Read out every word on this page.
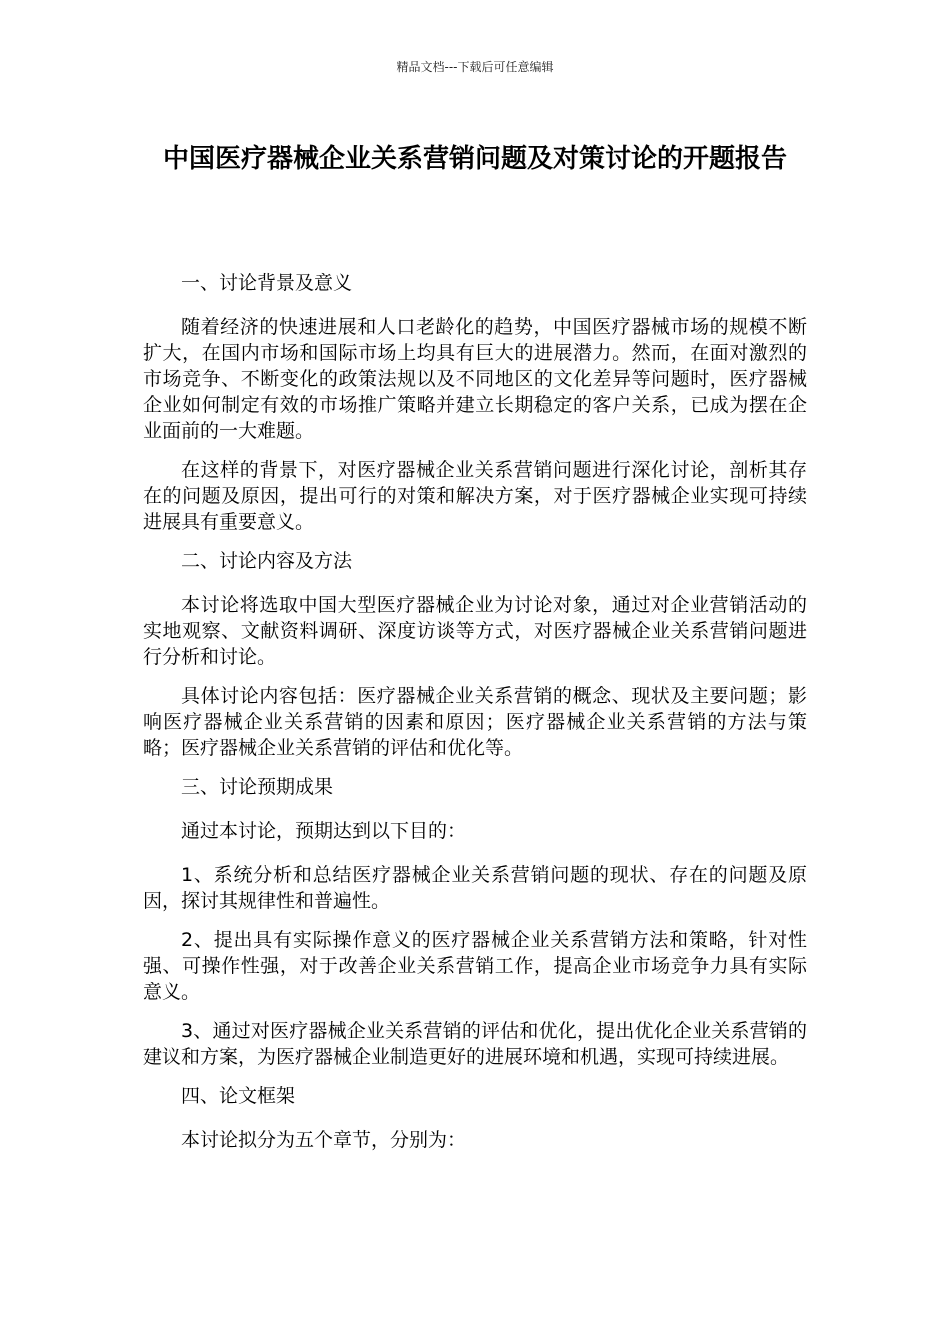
精品文档---下载后可任意编辑
中国医疗器械企业关系营销问题及对策讨论的开题报告

一、讨论背景及意义

随着经济的快速进展和人口老龄化的趋势，中国医疗器械市场的规模不断扩大，在国内市场和国际市场上均具有巨大的进展潜力。然而，在面对激烈的市场竞争、不断变化的政策法规以及不同地区的文化差异等问题时，医疗器械企业如何制定有效的市场推广策略并建立长期稳定的客户关系，已成为摆在企业面前的一大难题。

在这样的背景下，对医疗器械企业关系营销问题进行深化讨论，剖析其存在的问题及原因，提出可行的对策和解决方案，对于医疗器械企业实现可持续进展具有重要意义。

二、讨论内容及方法

本讨论将选取中国大型医疗器械企业为讨论对象，通过对企业营销活动的实地观察、文献资料调研、深度访谈等方式，对医疗器械企业关系营销问题进行分析和讨论。

具体讨论内容包括：医疗器械企业关系营销的概念、现状及主要问题；影响医疗器械企业关系营销的因素和原因；医疗器械企业关系营销的方法与策略；医疗器械企业关系营销的评估和优化等。

三、讨论预期成果

通过本讨论，预期达到以下目的：

1、系统分析和总结医疗器械企业关系营销问题的现状、存在的问题及原因，探讨其规律性和普遍性。

2、提出具有实际操作意义的医疗器械企业关系营销方法和策略，针对性强、可操作性强，对于改善企业关系营销工作，提高企业市场竞争力具有实际意义。

3、通过对医疗器械企业关系营销的评估和优化，提出优化企业关系营销的建议和方案，为医疗器械企业制造更好的进展环境和机遇，实现可持续进展。

四、论文框架

本讨论拟分为五个章节，分别为：
